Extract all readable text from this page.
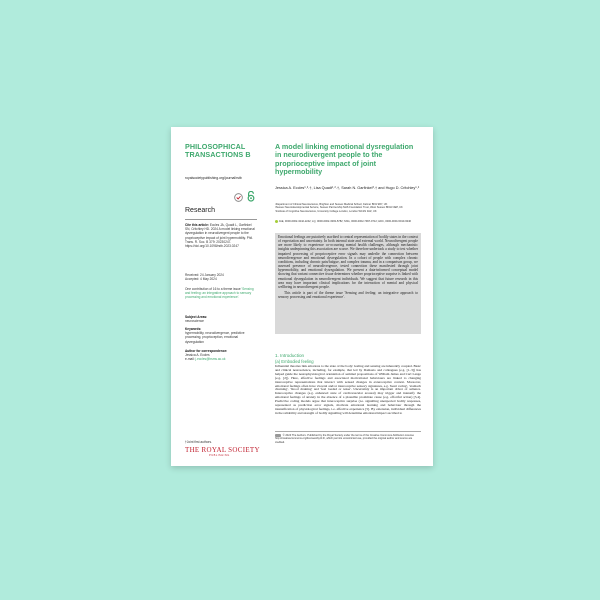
PHILOSOPHICAL
TRANSACTIONS B
royalsocietypublishing.org/journal/rstb
Research
Cite this article: Eccles JA, Quadt L, Garfinkel SN, Critchley HD. 2024 A model linking emotional dysregulation in neurodivergent people to the proprioceptive impact of joint hypermobility. Phil. Trans. R. Soc. B 379: 20230247. https://doi.org/10.1098/rstb.2023.0247
Received: 24 January 2024
Accepted: 4 May 2024
One contribution of 16 to a theme issue 'Sensing and feeling: an integrative approach to sensory processing and emotional experience'.
Subject Areas:
neuroscience
Keywords:
hypermobility, neurodivergence, predictive processing, proprioception, emotional dysregulation
Author for correspondence:
Jessica A. Eccles
e-mail: j.eccles@bsms.ac.uk
†Joint first authors.
THE ROYAL SOCIETY
PUBLISHING
A model linking emotional dysregulation in neurodivergent people to the proprioceptive impact of joint hypermobility
Jessica A. Eccles¹˒²˒†, Lisa Quadt¹˒²˒†, Sarah N. Garfinkel³˒† and Hugo D. Critchley¹˒²
¹Department of Clinical Neuroscience, Brighton and Sussex Medical School, Falmer BN1 9RY, UK
²Sussex Neurodevelopmental Service, Sussex Partnership NHS Foundation Trust, West Sussex BN13 3EP, UK
³Institute of Cognitive Neuroscience, University College London, London WC1N 3AZ, UK
JAE, 0000-0002-3242-2242; LQ, 0000-0002-3393-5782; SNG, 0000-0002-7997-9712; HDC, 0000-0001-5910-9346
Emotional feelings are putatively ascribed to central representation of bodily states in the context of expectation and uncertainty. In both internal state and external world. Neurodivergent people are more likely to experience co-occurring mental health challenges, although mechanistic insights underpinning this association are scarce. We therefore undertook a study to test whether impaired processing of proprioceptive error signals may underlie the connection between neurodivergence and emotional dysregulation. In a cohort of people with complex chronic conditions, including chronic pain/fatigue, and complex trauma, and in a comparison group, we assessed presence of neurodivergence, tested connection these manifested through joint hypermobility, and emotional dysregulation. We present a data-informed conceptual model showing that variant connective tissue determines whether proprioceptive surprise is linked with emotional dysregulation in neurodivergent individuals. We suggest that future research in this area may have important clinical implications for the interaction of mental and physical wellbeing in neurodivergent people.
This article is part of the theme issue 'Sensing and feeling: an integrative approach to sensory processing and emotional experience'.
1. Introduction
(a) Embodied feeling
Influential theories link emotions to the state of the body: feeling and sensing are inherently coupled. Basic and clinical neuroscience, including, for example, that led by Damasio and colleagues (e.g. [1–3]) has helped guide the neurophysiological orientation of seminal propositions of William James and Carl Lange (e.g. [2]). Here, affective feelings and associated motivational behaviours are linked to changing interoceptive representations that interact with sensed changes in exteroceptive context. Moreover, emotional feelings often have visceral and/or interoceptive sensory signatures, e.g. 'heart racing', 'stomach churning', 'blood draining' and 'feel loaded or tense'. Uncertainty is an important driver of salience. Interoceptive changes (e.g. enhanced state of cardiovascular arousal) may trigger and intensify the emotional feelings of anxiety in the absence of a plausible proximate cause (e.g. effortful action) [3,4]. Predictive coding models argue that interoceptive surprise (i.e. signalling unexpected bodily responses, represented as prediction error signals, motivate emotional learning and behaviour through the intensification of physiological feelings, i.e. affective experience [5]. By extension, individual differences in the reliability and strength of bodily signalling will determine emotional impact ascribed to
© 2024 The Authors. Published by the Royal Society under the terms of the Creative Commons Attribution License http://creativecommons.org/licenses/by/4.0/, which permits unrestricted use, provided the original author and source are credited.
